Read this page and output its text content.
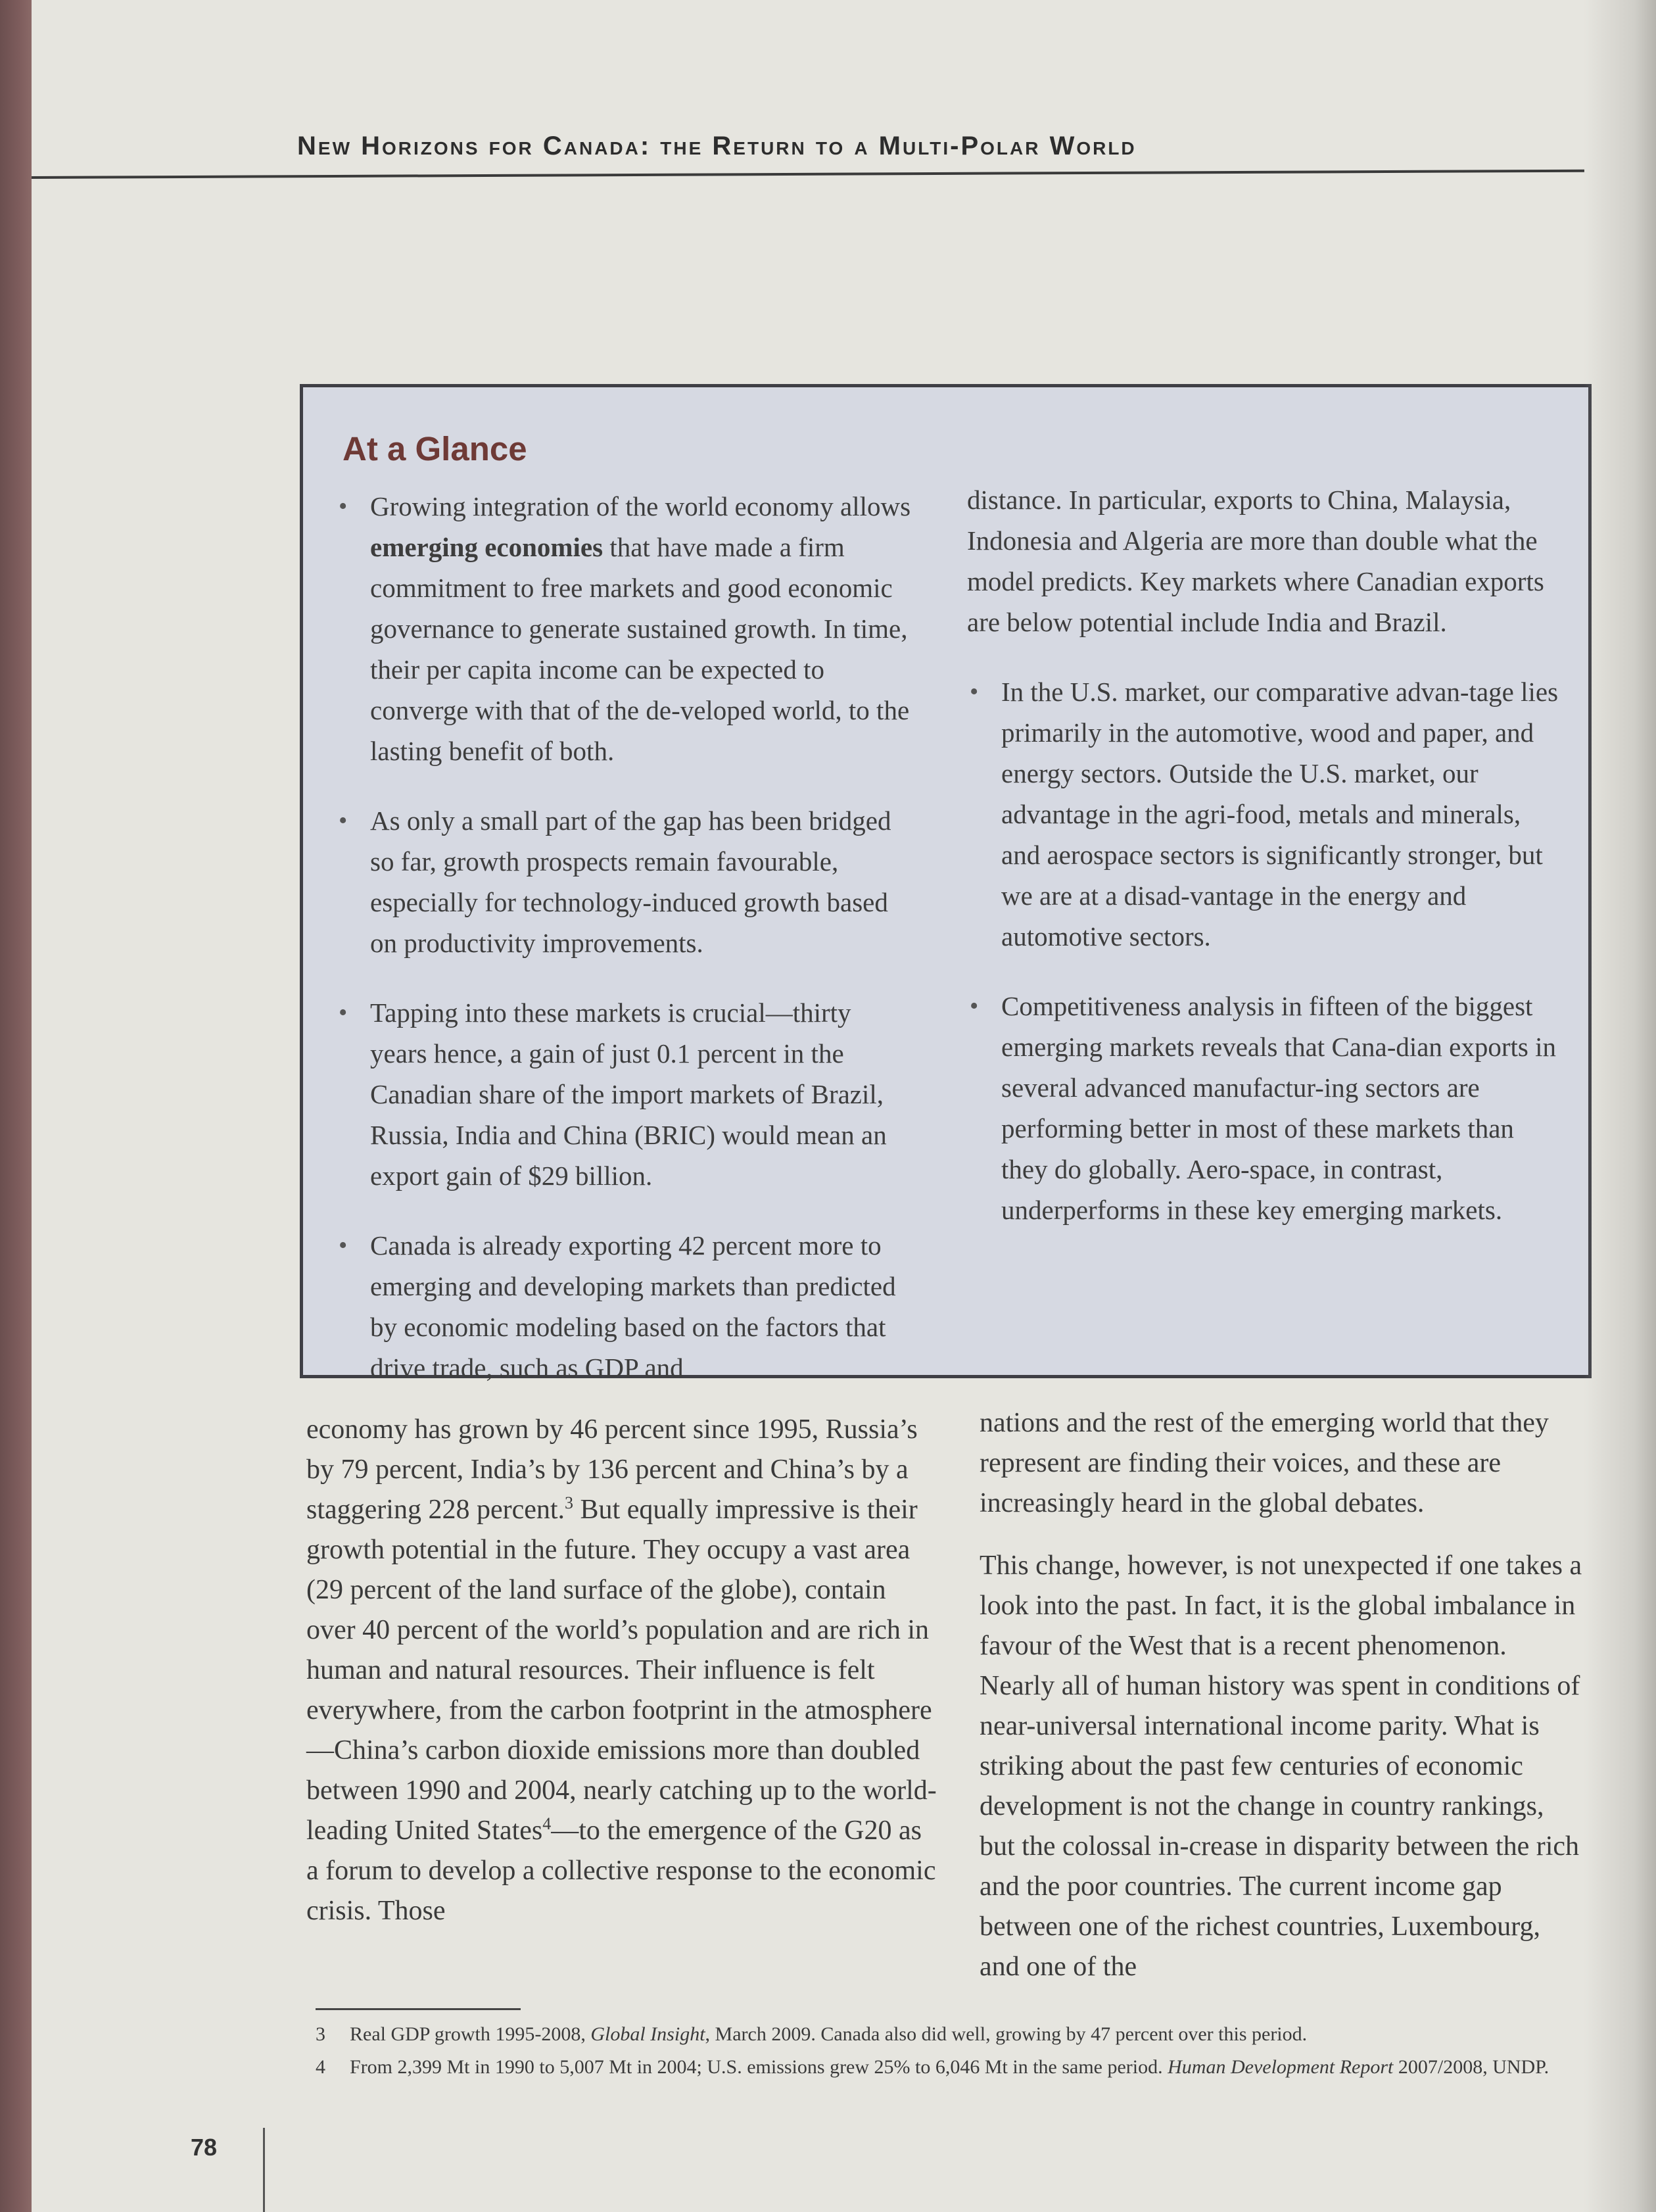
New Horizons for Canada: the Return to a Multi-Polar World
At a Glance
• Growing integration of the world economy allows emerging economies that have made a firm commitment to free markets and good economic governance to generate sustained growth. In time, their per capita income can be expected to converge with that of the de-veloped world, to the lasting benefit of both.
• As only a small part of the gap has been bridged so far, growth prospects remain favourable, especially for technology-induced growth based on productivity improvements.
• Tapping into these markets is crucial—thirty years hence, a gain of just 0.1 percent in the Canadian share of the import markets of Brazil, Russia, India and China (BRIC) would mean an export gain of $29 billion.
• Canada is already exporting 42 percent more to emerging and developing markets than predicted by economic modeling based on the factors that drive trade, such as GDP and

distance. In particular, exports to China, Malaysia, Indonesia and Algeria are more than double what the model predicts. Key markets where Canadian exports are below potential include India and Brazil.

• In the U.S. market, our comparative advan-tage lies primarily in the automotive, wood and paper, and energy sectors. Outside the U.S. market, our advantage in the agri-food, metals and minerals, and aerospace sectors is significantly stronger, but we are at a disad-vantage in the energy and automotive sectors.
• Competitiveness analysis in fifteen of the biggest emerging markets reveals that Cana-dian exports in several advanced manufactur-ing sectors are performing better in most of these markets than they do globally. Aero-space, in contrast, underperforms in these key emerging markets.

economy has grown by 46 percent since 1995, Russia’s by 79 percent, India’s by 136 percent and China’s by a staggering 228 percent.$^3$ But equally impressive is their growth potential in the future. They occupy a vast area (29 percent of the land surface of the globe), contain over 40 percent of the world’s population and are rich in human and natural resources. Their influence is felt everywhere, from the carbon footprint in the atmosphere—China’s carbon dioxide emissions more than doubled between 1990 and 2004, nearly catching up to the world-leading United States$^4$—to the emergence of the G20 as a forum to develop a collective response to the economic crisis. Those

nations and the rest of the emerging world that they represent are finding their voices, and these are increasingly heard in the global debates.

This change, however, is not unexpected if one takes a look into the past. In fact, it is the global imbalance in favour of the West that is a recent phenomenon. Nearly all of human history was spent in conditions of near-universal international income parity. What is striking about the past few centuries of economic development is not the change in country rankings, but the colossal in-crease in disparity between the rich and the poor countries. The current income gap between one of the richest countries, Luxembourg, and one of the

3 Real GDP growth 1995-2008, Global Insight, March 2009. Canada also did well, growing by 47 percent over this period.

4 From 2,399 Mt in 1990 to 5,007 Mt in 2004; U.S. emissions grew 25% to 6,046 Mt in the same period. Human Development Report 2007/2008, UNDP.

78
